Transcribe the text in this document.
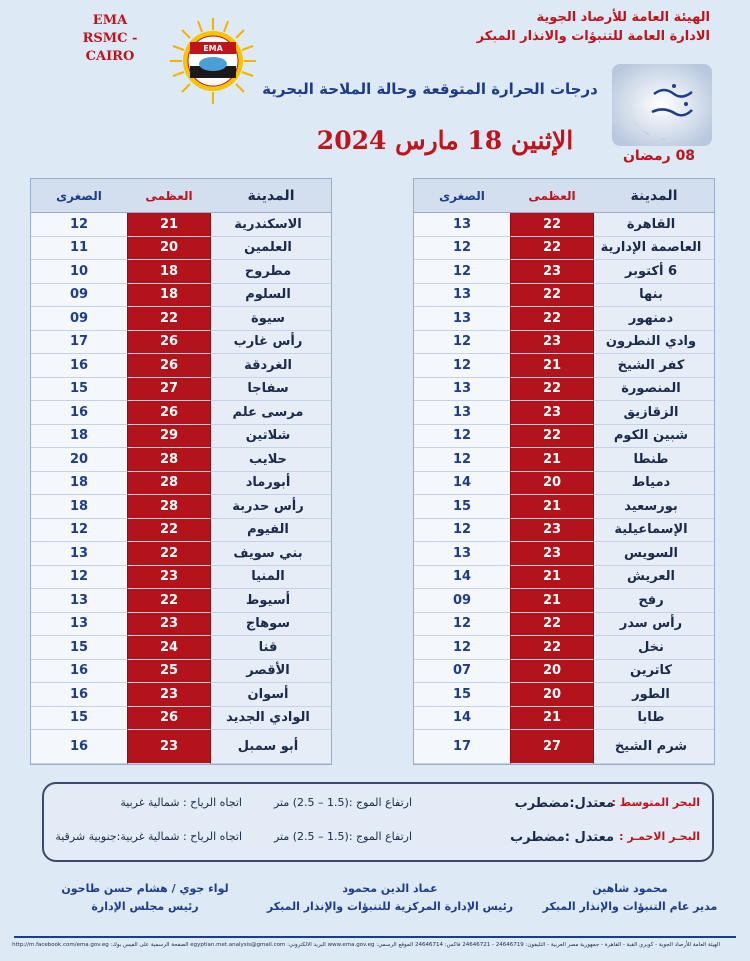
EMA
RSMC - CAIRO
EMA
الهيئة العامة للأرصاد الجوية
الادارة العامة للتنبؤات والانذار المبكر
درجات الحرارة المتوقعة وحالة الملاحة البحرية
الإثنين 18 مارس 2024
08 رمضان
المدينة	العظمى	الصغرى
القاهرة	22	13
العاصمة الإدارية	22	12
6 أكتوبر	23	12
بنها	22	13
دمنهور	22	13
وادي النطرون	23	12
كفر الشيخ	21	12
المنصورة	22	13
الزقازيق	23	13
شبين الكوم	22	12
طنطا	21	12
دمياط	20	14
بورسعيد	21	15
الإسماعيلية	23	12
السويس	23	13
العريش	21	14
رفح	21	09
رأس سدر	22	12
نخل	22	12
كاترين	20	07
الطور	20	15
طابا	21	14
شرم الشيخ	27	17
المدينة	العظمى	الصغرى
الاسكندرية	21	12
العلمين	20	11
مطروح	18	10
السلوم	18	09
سيوة	22	09
رأس غارب	26	17
الغردقة	26	16
سفاجا	27	15
مرسى علم	26	16
شلاتين	29	18
حلايب	28	20
أبورماد	28	18
رأس حدربة	28	18
الفيوم	22	12
بني سويف	22	13
المنيا	23	12
أسيوط	22	13
سوهاج	23	13
قنا	24	15
الأقصر	25	16
أسوان	23	16
الوادي الجديد	26	15
أبو سمبل	23	16
البحر المتوسط :
معتدل:مضطرب
ارتفاع الموج :(1.5 – 2.5) متر
اتجاه الرياح : شمالية غربية
البحـر الاحمـر :
معتدل :مضطرب
ارتفاع الموج :(1.5 – 2.5) متر
اتجاه الرياح : شمالية غربية:جنوبية شرقية
محمود شاهين
مدير عام التنبؤات والإنذار المبكر
عماد الدين محمود
رئيس الإدارة المركزية للتنبؤات والإنذار المبكر
لواء جوي / هشام حسن طاحون
رئيس مجلس الإدارة
الهيئة العامة للأرصاد الجوية - كوبري القبة - القاهرة - جمهورية مصر العربية - التليفون: 24646719 - 24646721 فاكس: 24646714 الموقع الرسمي: www.ema.gov.eg البريد الالكتروني: egyptian.met.analysis@gmail.com الصفحة الرسمية على الفيس بوك: http://m.facebook.com/ema.gov.eg
